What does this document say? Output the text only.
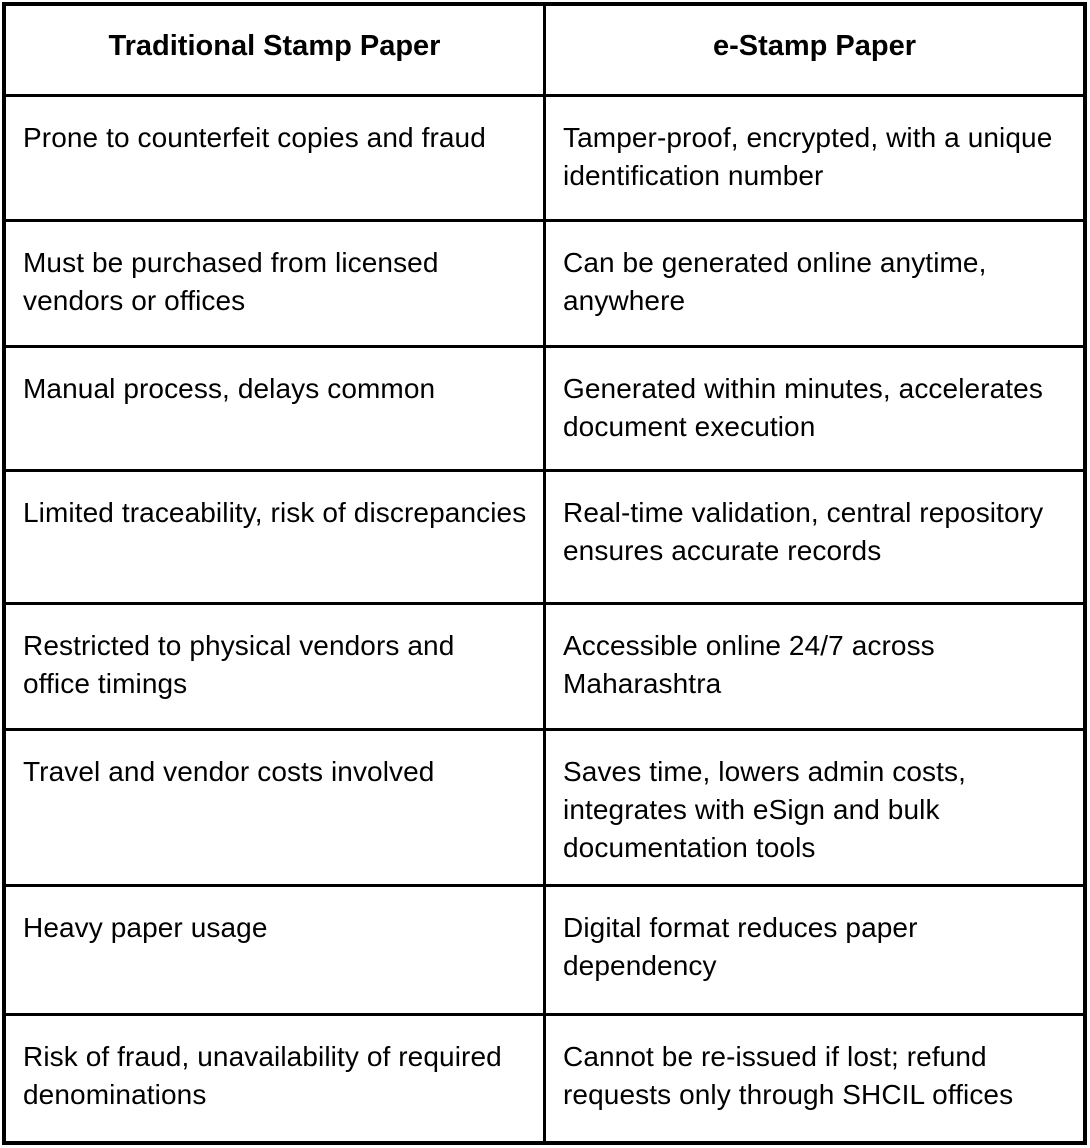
Traditional Stamp Paper	e-Stamp Paper
Prone to counterfeit copies and fraud	Tamper-proof, encrypted, with a unique identification number
Must be purchased from licensed vendors or offices	Can be generated online anytime, anywhere
Manual process, delays common	Generated within minutes, accelerates document execution
Limited traceability, risk of discrepancies	Real-time validation, central repository ensures accurate records
Restricted to physical vendors and office timings	Accessible online 24/7 across Maharashtra
Travel and vendor costs involved	Saves time, lowers admin costs, integrates with eSign and bulk documentation tools
Heavy paper usage	Digital format reduces paper dependency
Risk of fraud, unavailability of required denominations	Cannot be re-issued if lost; refund requests only through SHCIL offices
